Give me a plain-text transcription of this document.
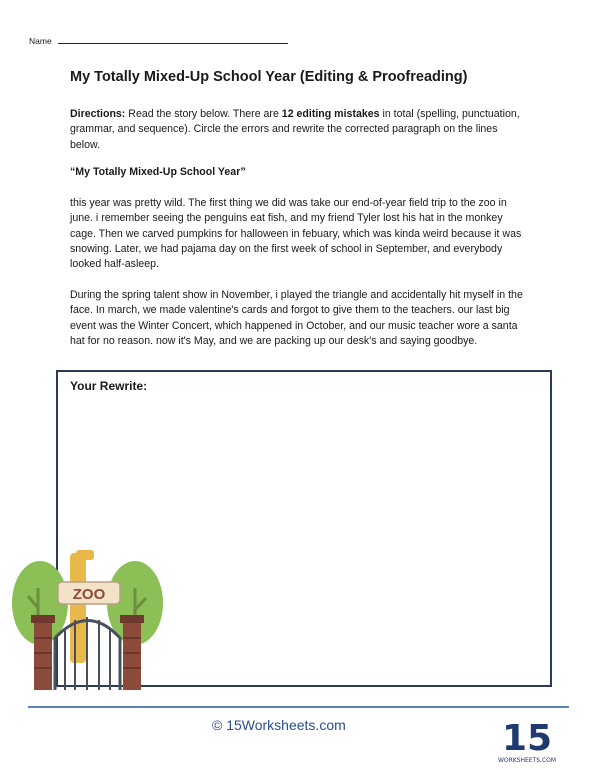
Name
My Totally Mixed-Up School Year (Editing & Proofreading)
Directions: Read the story below. There are 12 editing mistakes in total (spelling, punctuation, grammar, and sequence). Circle the errors and rewrite the corrected paragraph on the lines below.
“My Totally Mixed-Up School Year”
this year was pretty wild. The first thing we did was take our end-of-year field trip to the zoo in june. i remember seeing the penguins eat fish, and my friend Tyler lost his hat in the monkey cage. Then we carved pumpkins for halloween in febuary, which was kinda weird because it was snowing. Later, we had pajama day on the first week of school in September, and everybody looked half-asleep.
During the spring talent show in November, i played the triangle and accidentally hit myself in the face. In march, we made valentine's cards and forgot to give them to the teachers. our last big event was the Winter Concert, which happened in October, and our music teacher wore a santa hat for no reason. now it's May, and we are packing up our desk's and saying goodbye.
Your Rewrite:
ZOO
© 15Worksheets.com	15
WORKSHEETS.COM
